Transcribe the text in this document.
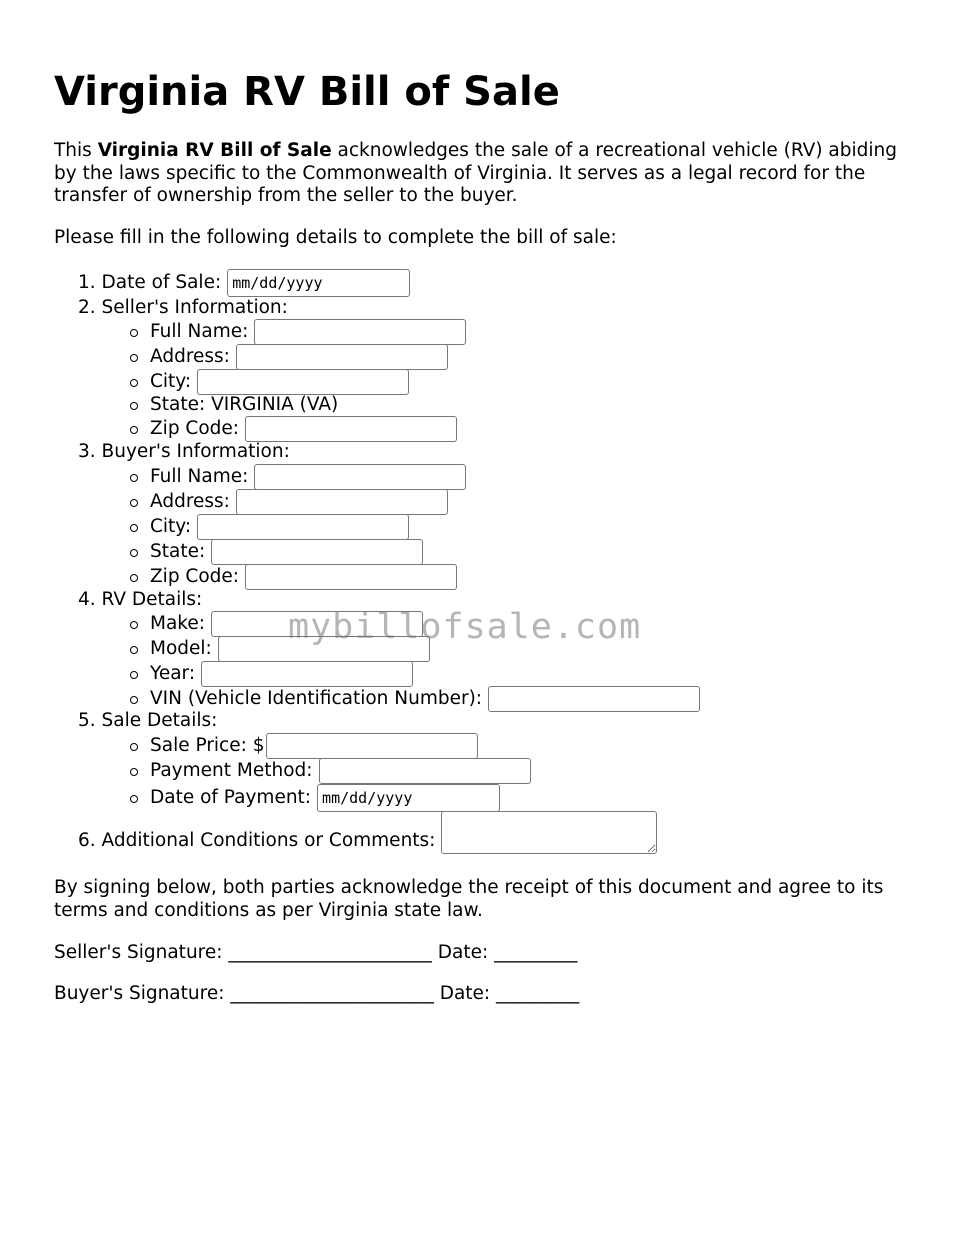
Virginia RV Bill of Sale

This Virginia RV Bill of Sale acknowledges the sale of a recreational vehicle (RV) abiding by the laws specific to the Commonwealth of Virginia. It serves as a legal record for the transfer of ownership from the seller to the buyer.

Please fill in the following details to complete the bill of sale:

1.
Date of Sale:
mm/dd/yyyy
2.
Seller's Information:
Full Name:
Address:
City:
State: VIRGINIA (VA)
Zip Code:
3.
Buyer's Information:
Full Name:
Address:
City:
State:
Zip Code:
4.
RV Details:
Make:
Model:
Year:
VIN (Vehicle Identification Number):
5.
Sale Details:
Sale Price: $
Payment Method:
Date of Payment:
mm/dd/yyyy
6.
Additional Conditions or Comments:

By signing below, both parties acknowledge the receipt of this document and agree to its terms and conditions as per Virginia state law.

Seller's Signature: ______________________ Date: _________

Buyer's Signature: ______________________ Date: _________

mybillofsale.com
